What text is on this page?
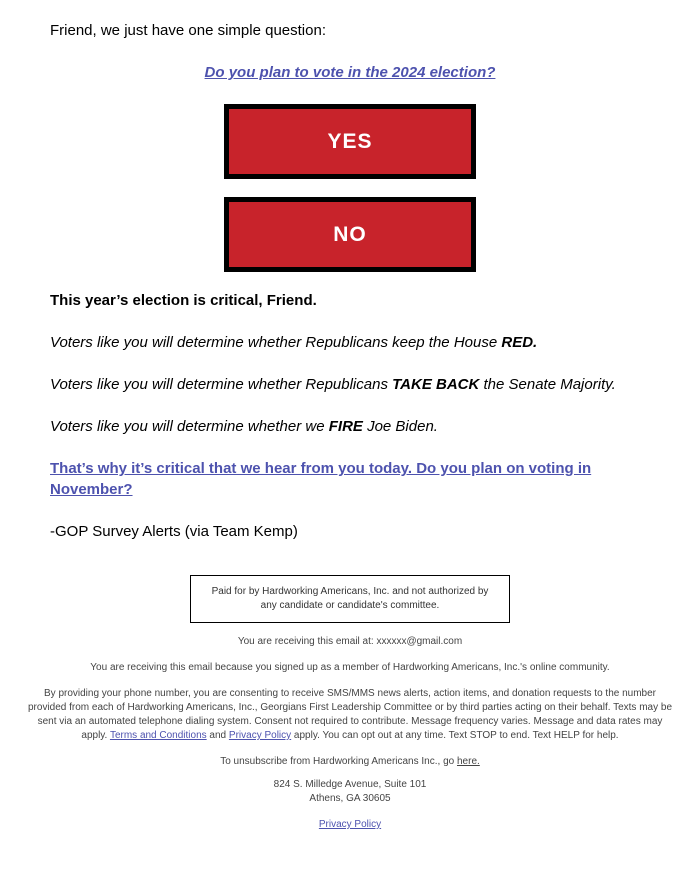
Friend, we just have one simple question:

Do you plan to vote in the 2024 election?

YES
NO

This year’s election is critical, Friend.

Voters like you will determine whether Republicans keep the House RED.

Voters like you will determine whether Republicans TAKE BACK the Senate Majority.

Voters like you will determine whether we FIRE Joe Biden.

That’s why it’s critical that we hear from you today. Do you plan on voting in November?

-GOP Survey Alerts (via Team Kemp)

Paid for by Hardworking Americans, Inc. and not authorized by any candidate or candidate's committee.

You are receiving this email at: xxxxxx@gmail.com

You are receiving this email because you signed up as a member of Hardworking Americans, Inc.'s online community.

By providing your phone number, you are consenting to receive SMS/MMS news alerts, action items, and donation requests to the number provided from each of Hardworking Americans, Inc., Georgians First Leadership Committee or by third parties acting on their behalf. Texts may be sent via an automated telephone dialing system. Consent not required to contribute. Message frequency varies. Message and data rates may apply. Terms and Conditions and Privacy Policy apply. You can opt out at any time. Text STOP to end. Text HELP for help.

To unsubscribe from Hardworking Americans Inc., go here.

824 S. Milledge Avenue, Suite 101

Athens, GA 30605

Privacy Policy
